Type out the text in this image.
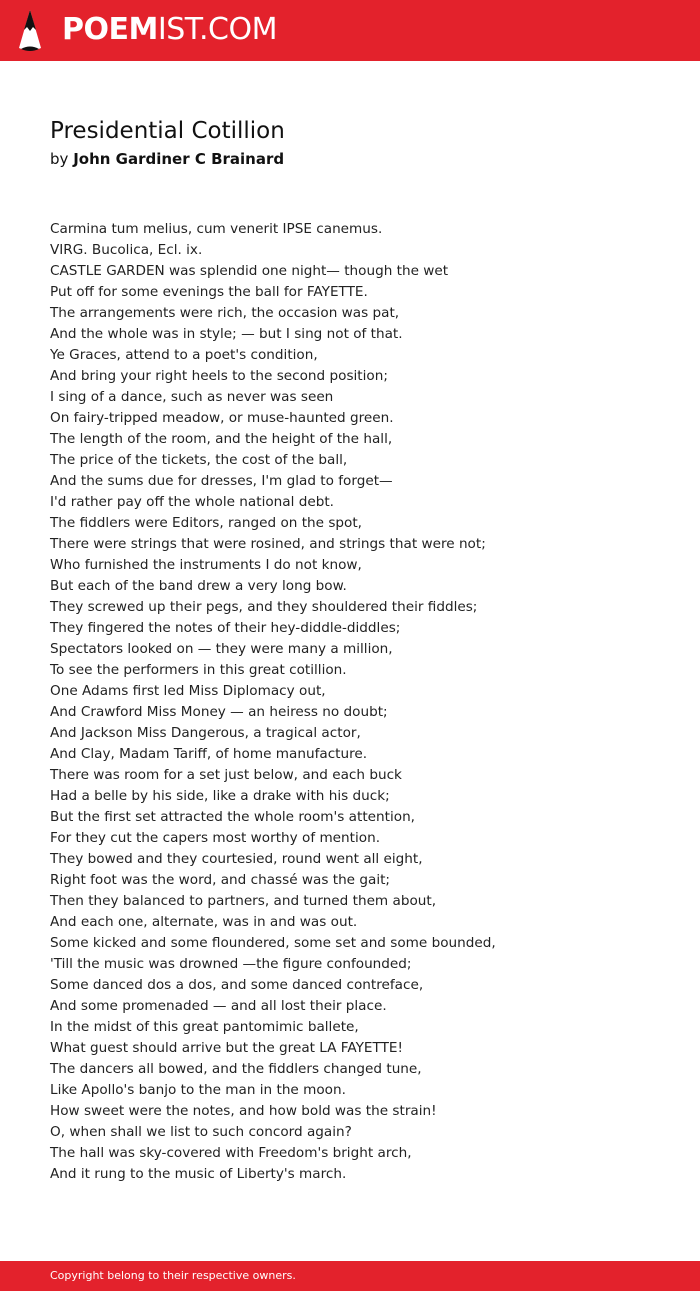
POEMIST.COM
Presidential Cotillion
by John Gardiner C Brainard
Carmina tum melius, cum venerit IPSE canemus.
VIRG. Bucolica, Ecl. ix.
CASTLE GARDEN was splendid one night— though the wet
Put off for some evenings the ball for FAYETTE.
The arrangements were rich, the occasion was pat,
And the whole was in style; — but I sing not of that.
Ye Graces, attend to a poet's condition,
And bring your right heels to the second position;
I sing of a dance, such as never was seen
On fairy-tripped meadow, or muse-haunted green.
The length of the room, and the height of the hall,
The price of the tickets, the cost of the ball,
And the sums due for dresses, I'm glad to forget—
I'd rather pay off the whole national debt.
The fiddlers were Editors, ranged on the spot,
There were strings that were rosined, and strings that were not;
Who furnished the instruments I do not know,
But each of the band drew a very long bow.
They screwed up their pegs, and they shouldered their fiddles;
They fingered the notes of their hey-diddle-diddles;
Spectators looked on — they were many a million,
To see the performers in this great cotillion.
One Adams first led Miss Diplomacy out,
And Crawford Miss Money — an heiress no doubt;
And Jackson Miss Dangerous, a tragical actor,
And Clay, Madam Tariff, of home manufacture.
There was room for a set just below, and each buck
Had a belle by his side, like a drake with his duck;
But the first set attracted the whole room's attention,
For they cut the capers most worthy of mention.
They bowed and they courtesied, round went all eight,
Right foot was the word, and chassé was the gait;
Then they balanced to partners, and turned them about,
And each one, alternate, was in and was out.
Some kicked and some floundered, some set and some bounded,
'Till the music was drowned —the figure confounded;
Some danced dos a dos, and some danced contreface,
And some promenaded — and all lost their place.
In the midst of this great pantomimic ballete,
What guest should arrive but the great LA FAYETTE!
The dancers all bowed, and the fiddlers changed tune,
Like Apollo's banjo to the man in the moon.
How sweet were the notes, and how bold was the strain!
O, when shall we list to such concord again?
The hall was sky-covered with Freedom's bright arch,
And it rung to the music of Liberty's march.
Copyright belong to their respective owners.
